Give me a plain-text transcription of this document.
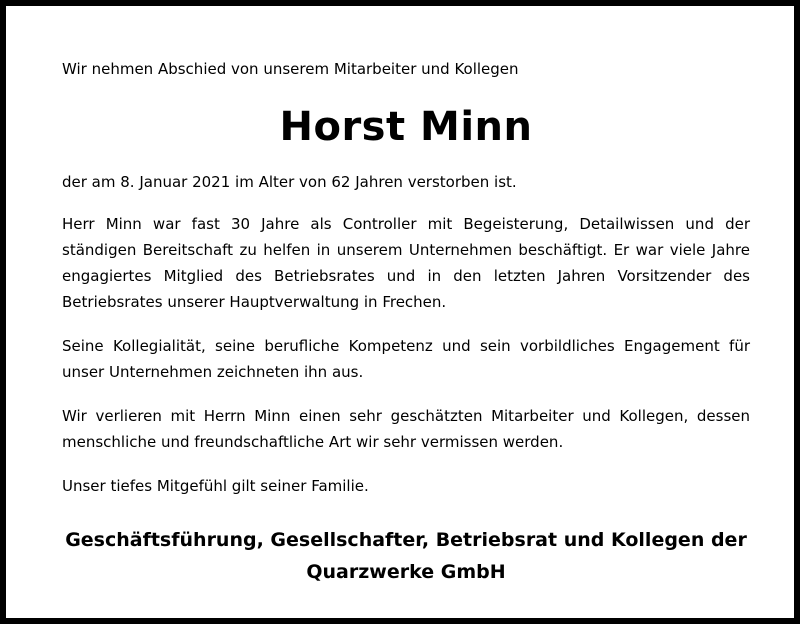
Wir nehmen Abschied von unserem Mitarbeiter und Kollegen
Horst Minn

der am 8. Januar 2021 im Alter von 62 Jahren verstorben ist.

Herr Minn war fast 30 Jahre als Controller mit Begeisterung, Detailwissen und der ständigen Bereitschaft zu helfen in unserem Unternehmen beschäftigt. Er war viele Jahre engagiertes Mitglied des Betriebsrates und in den letzten Jahren Vorsitzender des Betriebsrates unserer Hauptverwaltung in Frechen.

Seine Kollegialität, seine berufliche Kompetenz und sein vorbildliches Engagement für unser Unternehmen zeichneten ihn aus.

Wir verlieren mit Herrn Minn einen sehr geschätzten Mitarbeiter und Kollegen, dessen menschliche und freundschaftliche Art wir sehr vermissen werden.

Unser tiefes Mitgefühl gilt seiner Familie.

Geschäftsführung, Gesellschafter, Betriebsrat und Kollegen der
Quarzwerke GmbH
